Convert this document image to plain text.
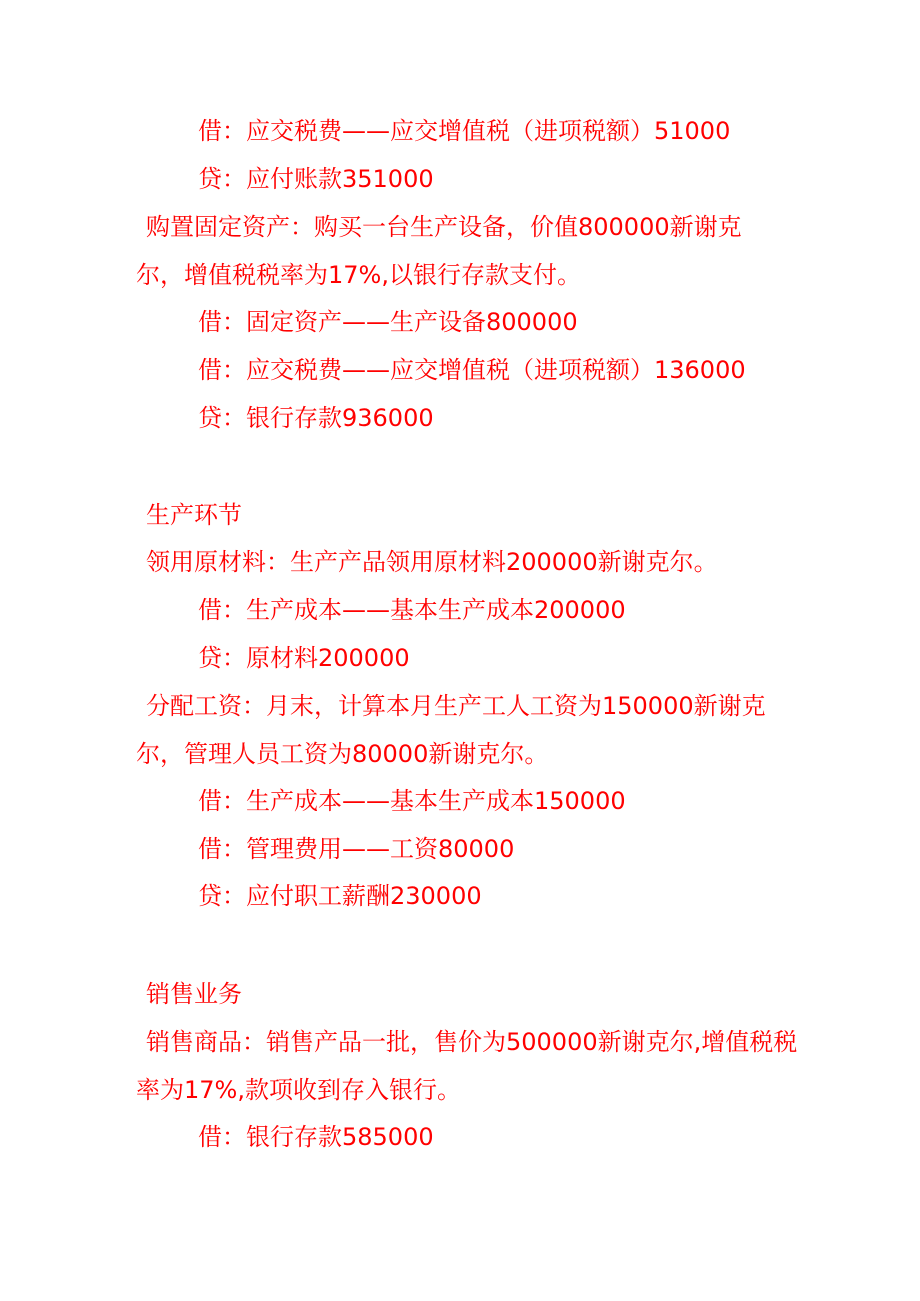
借：应交税费——应交增值税（进项税额）51000
贷：应付账款351000
购置固定资产：购买一台生产设备，价值800000新谢克
尔，增值税税率为17%,以银行存款支付。
借：固定资产——生产设备800000
借：应交税费——应交增值税（进项税额）136000
贷：银行存款936000
生产环节
领用原材料：生产产品领用原材料200000新谢克尔。
借：生产成本——基本生产成本200000
贷：原材料200000
分配工资：月末，计算本月生产工人工资为150000新谢克
尔，管理人员工资为80000新谢克尔。
借：生产成本——基本生产成本150000
借：管理费用——工资80000
贷：应付职工薪酬230000
销售业务
销售商品：销售产品一批，售价为500000新谢克尔,增值税税
率为17%,款项收到存入银行。
借：银行存款585000
